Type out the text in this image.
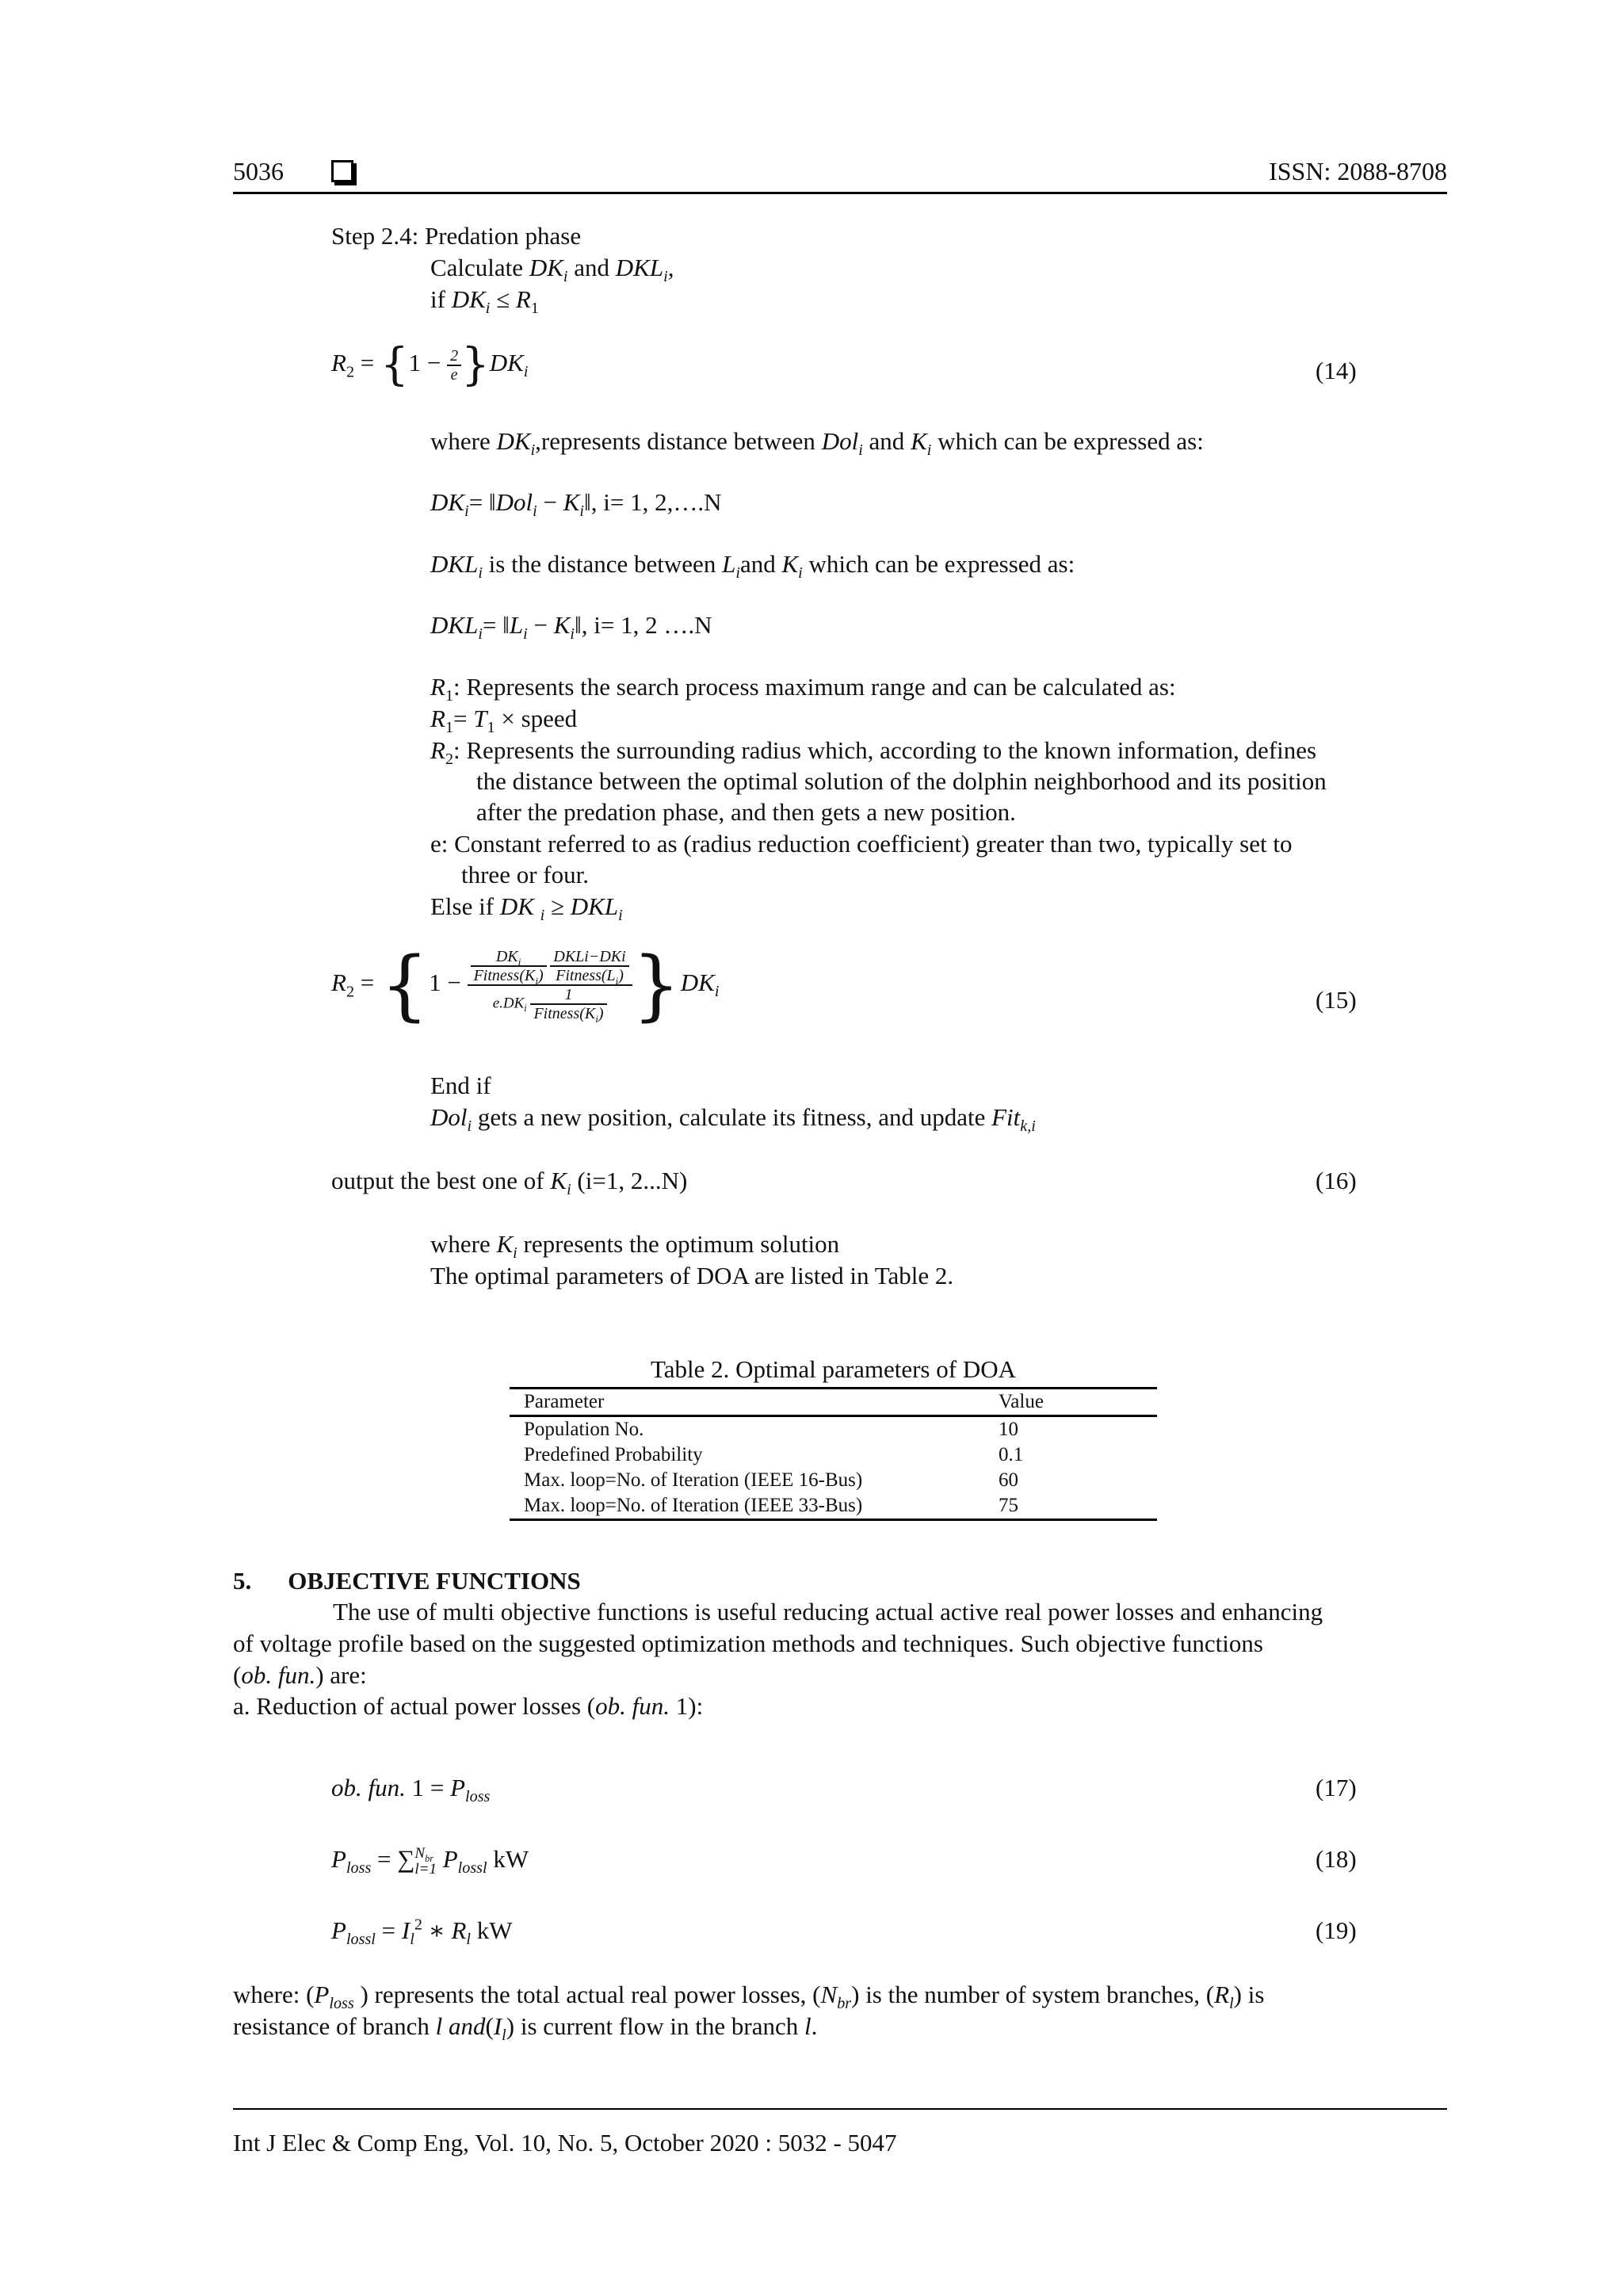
5036	ISSN: 2088-8708
Step 2.4: Predation phase
Calculate $DK_i$ and $DKL_i$,
if $DK_i \le R_1$
$R_2 = \{1 - \frac{2}{e} \}DK_i$	(14)
where $DK_i,represents$ distance between Dol$_i$ and $K_i$ which can be expressed as:
$DK_i=$ ‖Dol$_i$ − $K_i‖$, i= 1, 2,….N
$DKL_i$ is the distance between $L_iand$ $K_i$ which can be expressed as:
$DKL_i=$ $‖L_i$ − $K_i‖$, i= 1, 2 ….N
$R_1$: Represents the search process maximum range and can be calculated as:
$R_1= T_1$ × speed
$R_2$: Represents the surrounding radius which, according to the known information, defines
the distance between the optimal solution of the dolphin neighborhood and its position
after the predation phase, and then gets a new position.
e: Constant referred to as (radius reduction coefficient) greater than two, typically set to
three or four.
Else if DK $_i \ge DKL_i$
$R_2 = \{1 - \frac{DK_i}{Fitness(K_i)}$
$\frac{\text{DKLi−DKi}}{Fitness(L_i)}$
$e.DK_i \frac{1}{Fitness(K_i)} \}DK_i$	(15)
End if
Dol$_i$ gets a new position, calculate its fitness, and update Fit$_{k,i}$
output the best one of $K_i$ (i=1, 2...N)	(16)
where $K_i$ represents the optimum solution
The optimal parameters of DOA are listed in Table 2.
Table 2. Optimal parameters of DOA
Parameter	Value
Population No.	10
Predefined Probability	0.1
Max. loop=No. of Iteration (IEEE 16-Bus)	60
Max. loop=No. of Iteration (IEEE 33-Bus)	75
5. OBJECTIVE FUNCTIONS
The use of multi objective functions is useful reducing actual active real power losses and enhancing
of voltage profile based on the suggested optimization methods and techniques. Such objective functions
(ob. fun.) are:
a. Reduction of actual power losses (ob. fun. 1):
ob. fun. $1 = P_{loss}$	(17)
$P_{loss}$ = ∑ $N_{br}$
l=1 $P_{lossl}$ kW	(18)
$P_{lossl} = I_l^2$ ∗ $R_l$ kW	(19)
where: ($P_{loss}$ ) represents the total actual real power losses, $(N_{br})$ is the number of system branches, $(R_l)$ is
resistance of branch l $and(I_l)$ is current flow in the branch l.
Int J Elec & Comp Eng, Vol. 10, No. 5, October 2020 : 5032 - 5047
